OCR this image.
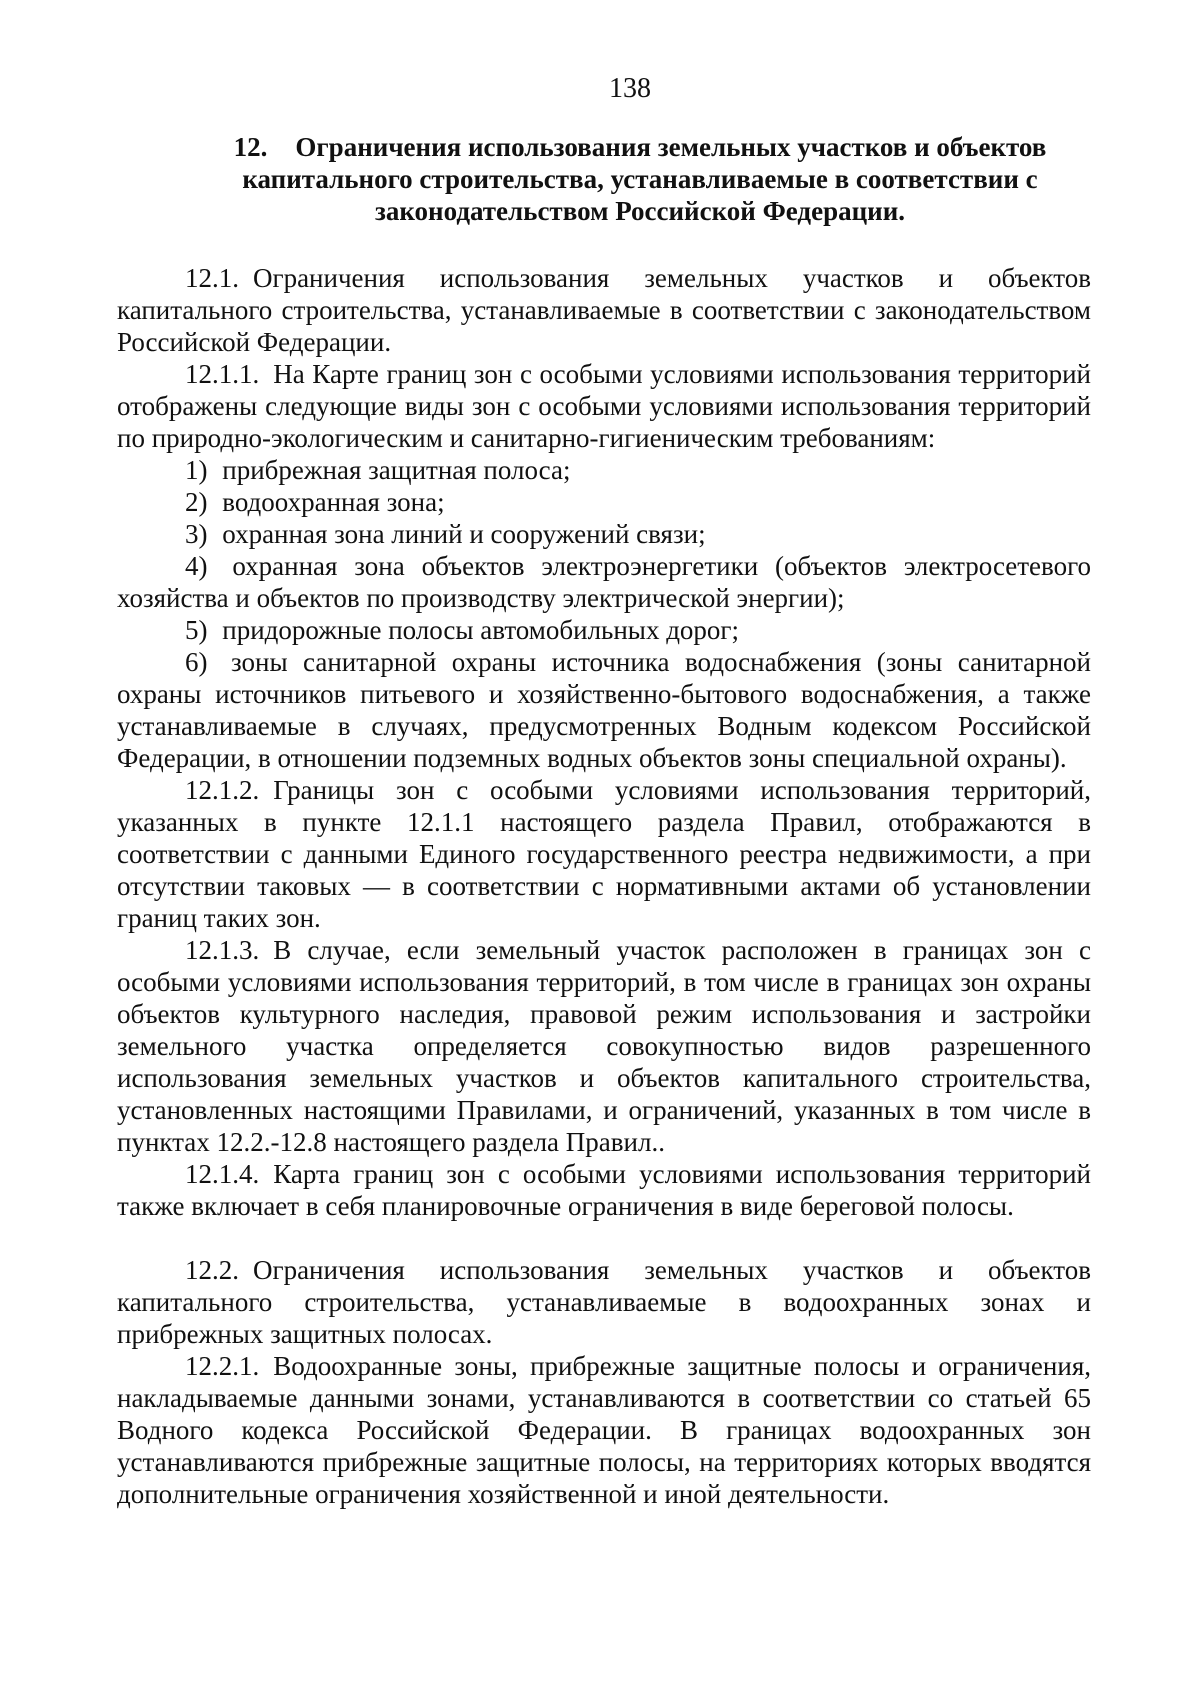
138
12. Ограничения использования земельных участков и объектов капитального строительства, устанавливаемые в соответствии с законодательством Российской Федерации.

12.1. Ограничения использования земельных участков и объектов капитального строительства, устанавливаемые в соответствии с законодательством Российской Федерации.

12.1.1. На Карте границ зон с особыми условиями использования территорий отображены следующие виды зон с особыми условиями использования территорий по природно-экологическим и санитарно-гигиеническим требованиям:

1) прибрежная защитная полоса;

2) водоохранная зона;

3) охранная зона линий и сооружений связи;

4) охранная зона объектов электроэнергетики (объектов электросетевого хозяйства и объектов по производству электрической энергии);

5) придорожные полосы автомобильных дорог;

6) зоны санитарной охраны источника водоснабжения (зоны санитарной охраны источников питьевого и хозяйственно-бытового водоснабжения, а также устанавливаемые в случаях, предусмотренных Водным кодексом Российской Федерации, в отношении подземных водных объектов зоны специальной охраны).

12.1.2. Границы зон с особыми условиями использования территорий, указанных в пункте 12.1.1 настоящего раздела Правил, отображаются в соответствии с данными Единого государственного реестра недвижимости, а при отсутствии таковых — в соответствии с нормативными актами об установлении границ таких зон.

12.1.3. В случае, если земельный участок расположен в границах зон с особыми условиями использования территорий, в том числе в границах зон охраны объектов культурного наследия, правовой режим использования и застройки земельного участка определяется совокупностью видов разрешенного использования земельных участков и объектов капитального строительства, установленных настоящими Правилами, и ограничений, указанных в том числе в пунктах 12.2.-12.8 настоящего раздела Правил..

12.1.4. Карта границ зон с особыми условиями использования территорий также включает в себя планировочные ограничения в виде береговой полосы.

12.2. Ограничения использования земельных участков и объектов капитального строительства, устанавливаемые в водоохранных зонах и прибрежных защитных полосах.

12.2.1. Водоохранные зоны, прибрежные защитные полосы и ограничения, накладываемые данными зонами, устанавливаются в соответствии со статьей 65 Водного кодекса Российской Федерации. В границах водоохранных зон устанавливаются прибрежные защитные полосы, на территориях которых вводятся дополнительные ограничения хозяйственной и иной деятельности.
